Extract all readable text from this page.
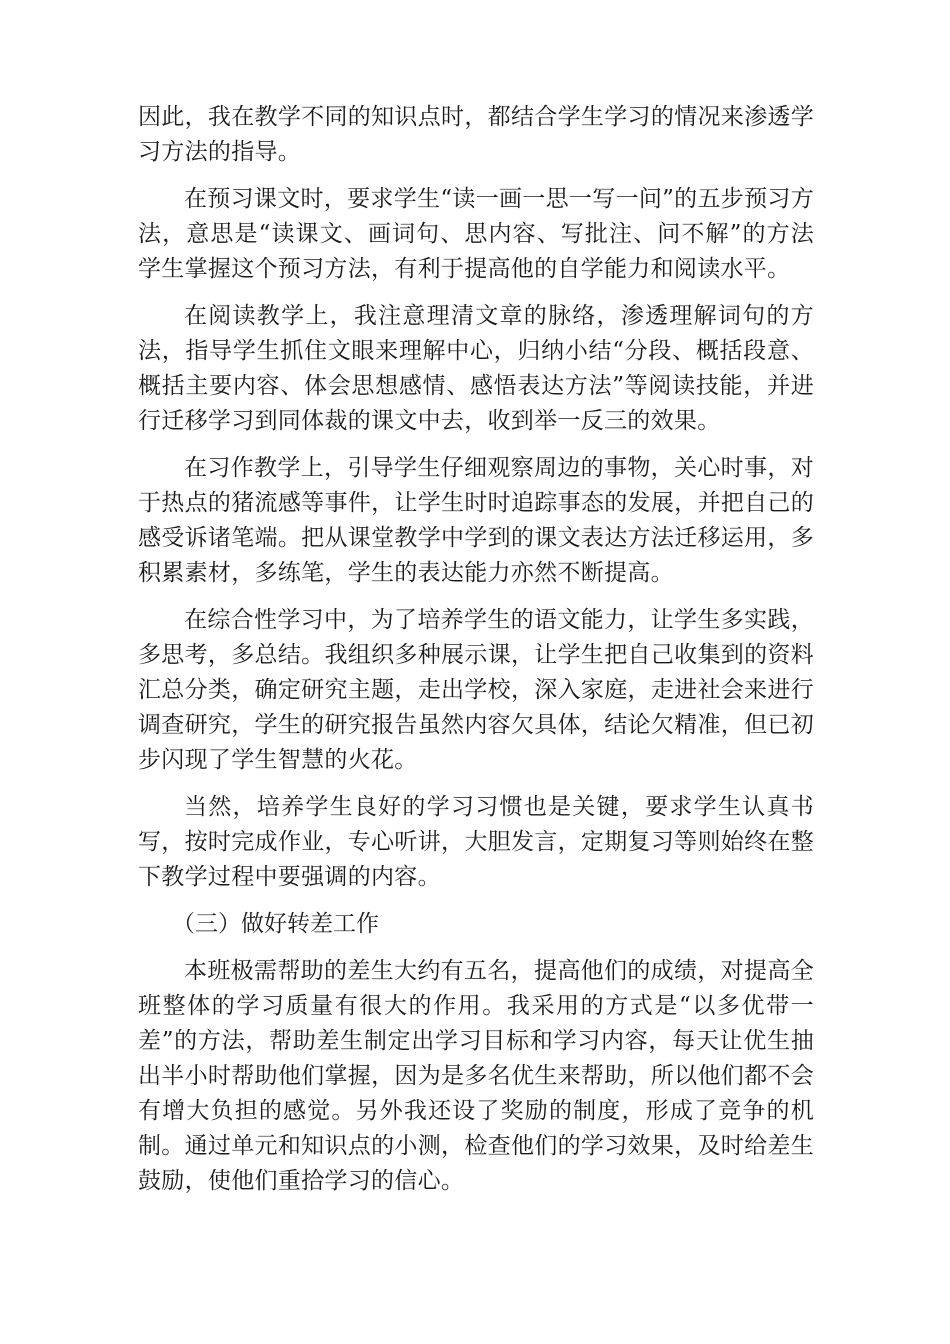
因此，我在教学不同的知识点时，都结合学生学习的情况来渗透学习方法的指导。

在预习课文时，要求学生“读一画一思一写一问”的五步预习方法，意思是“读课文、画词句、思内容、写批注、问不解”的方法学生掌握这个预习方法，有利于提高他的自学能力和阅读水平。

在阅读教学上，我注意理清文章的脉络，渗透理解词句的方法，指导学生抓住文眼来理解中心，归纳小结“分段、概括段意、概括主要内容、体会思想感情、感悟表达方法”等阅读技能，并进行迁移学习到同体裁的课文中去，收到举一反三的效果。

在习作教学上，引导学生仔细观察周边的事物，关心时事，对于热点的猪流感等事件，让学生时时追踪事态的发展，并把自己的感受诉诸笔端。把从课堂教学中学到的课文表达方法迁移运用，多积累素材，多练笔，学生的表达能力亦然不断提高。

在综合性学习中，为了培养学生的语文能力，让学生多实践，多思考，多总结。我组织多种展示课，让学生把自己收集到的资料汇总分类，确定研究主题，走出学校，深入家庭，走进社会来进行调查研究，学生的研究报告虽然内容欠具体，结论欠精准，但已初步闪现了学生智慧的火花。

当然，培养学生良好的学习习惯也是关键，要求学生认真书写，按时完成作业，专心听讲，大胆发言，定期复习等则始终在整下教学过程中要强调的内容。

（三）做好转差工作

本班极需帮助的差生大约有五名，提高他们的成绩，对提高全班整体的学习质量有很大的作用。我采用的方式是“以多优带一差”的方法，帮助差生制定出学习目标和学习内容，每天让优生抽出半小时帮助他们掌握，因为是多名优生来帮助，所以他们都不会有增大负担的感觉。另外我还设了奖励的制度，形成了竞争的机制。通过单元和知识点的小测，检查他们的学习效果，及时给差生鼓励，使他们重拾学习的信心。
